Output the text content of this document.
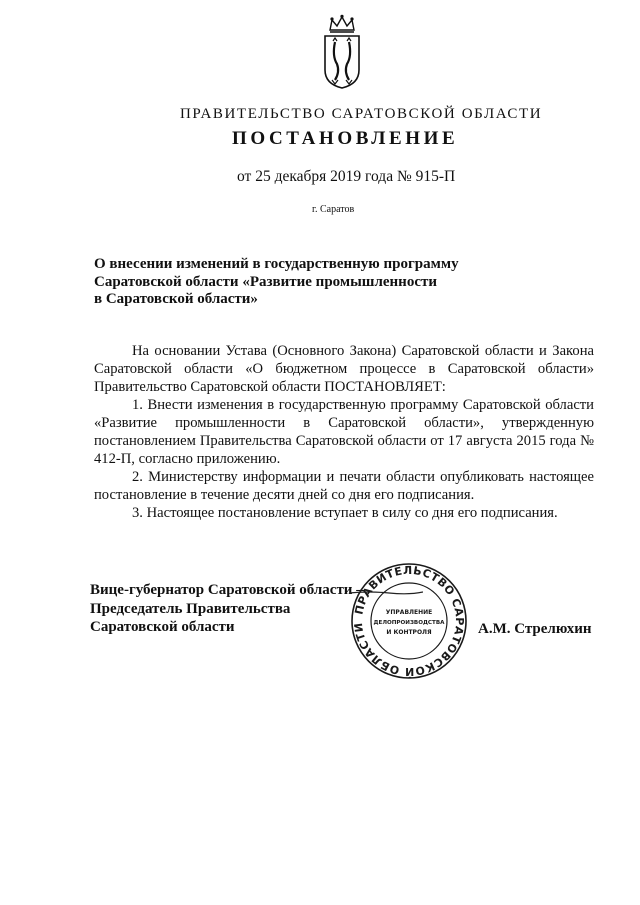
ПРАВИТЕЛЬСТВО САРАТОВСКОЙ ОБЛАСТИ
ПОСТАНОВЛЕНИЕ
от 25 декабря 2019 года № 915-П
г. Саратов
О внесении изменений в государственную программу
Саратовской области «Развитие промышленности
в Саратовской области»

На основании Устава (Основного Закона) Саратовской области и Закона Саратовской области «О бюджетном процессе в Саратовской области» Правительство Саратовской области ПОСТАНОВЛЯЕТ:

1. Внести изменения в государственную программу Саратовской области «Развитие промышленности в Саратовской области», утвержденную постановлением Правительства Саратовской области от 17 августа 2015 года № 412-П, согласно приложению.

2. Министерству информации и печати области опубликовать настоящее постановление в течение десяти дней со дня его подписания.

3. Настоящее постановление вступает в силу со дня его подписания.

Вице-губернатор Саратовской области –
Председатель Правительства
Саратовской области
ПРАВИТЕЛЬСТВО САРАТОВСКОЙ ОБЛАСТИ
УПРАВЛЕНИЕ
ДЕЛОПРОИЗВОДСТВА
И КОНТРОЛЯ	А.М. Стрелюхин
